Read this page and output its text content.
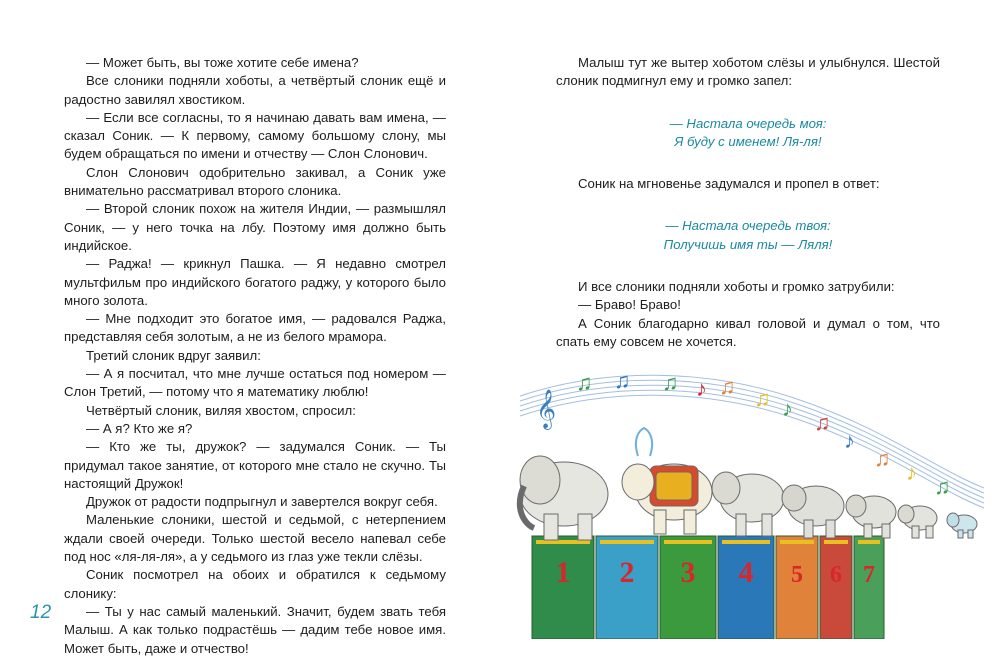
— Может быть, вы тоже хотите себе имена?

Все слоники подняли хоботы, а четвёртый слоник ещё и радостно завилял хвостиком.

— Если все согласны, то я начинаю давать вам имена, — сказал Соник. — К первому, самому большому слону, мы будем обращаться по имени и отчеству — Слон Слонович.

Слон Слонович одобрительно закивал, а Соник уже внимательно рассматривал второго слоника.

— Второй слоник похож на жителя Индии, — размышлял Соник, — у него точка на лбу. Поэтому имя должно быть индийское.

— Раджа! — крикнул Пашка. — Я недавно смотрел мультфильм про индийского богатого раджу, у которого было много золота.

— Мне подходит это богатое имя, — радовался Раджа, представляя себя золотым, а не из белого мрамора.

Третий слоник вдруг заявил:

— А я посчитал, что мне лучше остаться под номером — Слон Третий, — потому что я математику люблю!

Четвёртый слоник, виляя хвостом, спросил:

— А я? Кто же я?

— Кто же ты, дружок? — задумался Соник. — Ты придумал такое занятие, от которого мне стало не скучно. Ты настоящий Дружок!

Дружок от радости подпрыгнул и завертелся вокруг себя.

Маленькие слоники, шестой и седьмой, с нетерпением ждали своей очереди. Только шестой весело напевал себе под нос «ля-ля-ля», а у седьмого из глаз уже текли слёзы.

Соник посмотрел на обоих и обратился к седьмому слонику:

— Ты у нас самый маленький. Значит, будем звать тебя Малыш. А как только подрастёшь — дадим тебе новое имя. Может быть, даже и отчество!

Малыш тут же вытер хоботом слёзы и улыбнулся. Шестой слоник подмигнул ему и громко запел:

— Настала очередь моя:
Я буду с именем! Ля-ля!

Соник на мгновенье задумался и пропел в ответ:

— Настала очередь твоя:
Получишь имя ты — Ляля!

И все слоники подняли хоботы и громко затрубили:

— Браво! Браво!

А Соник благодарно кивал головой и думал о том, что спать ему совсем не хочется.

12
𝄞
♫ ♫ ♫ ♪ ♫ ♫ ♪
♫
♪
♫
♪
♫
1 2 3 4 5 6 7
